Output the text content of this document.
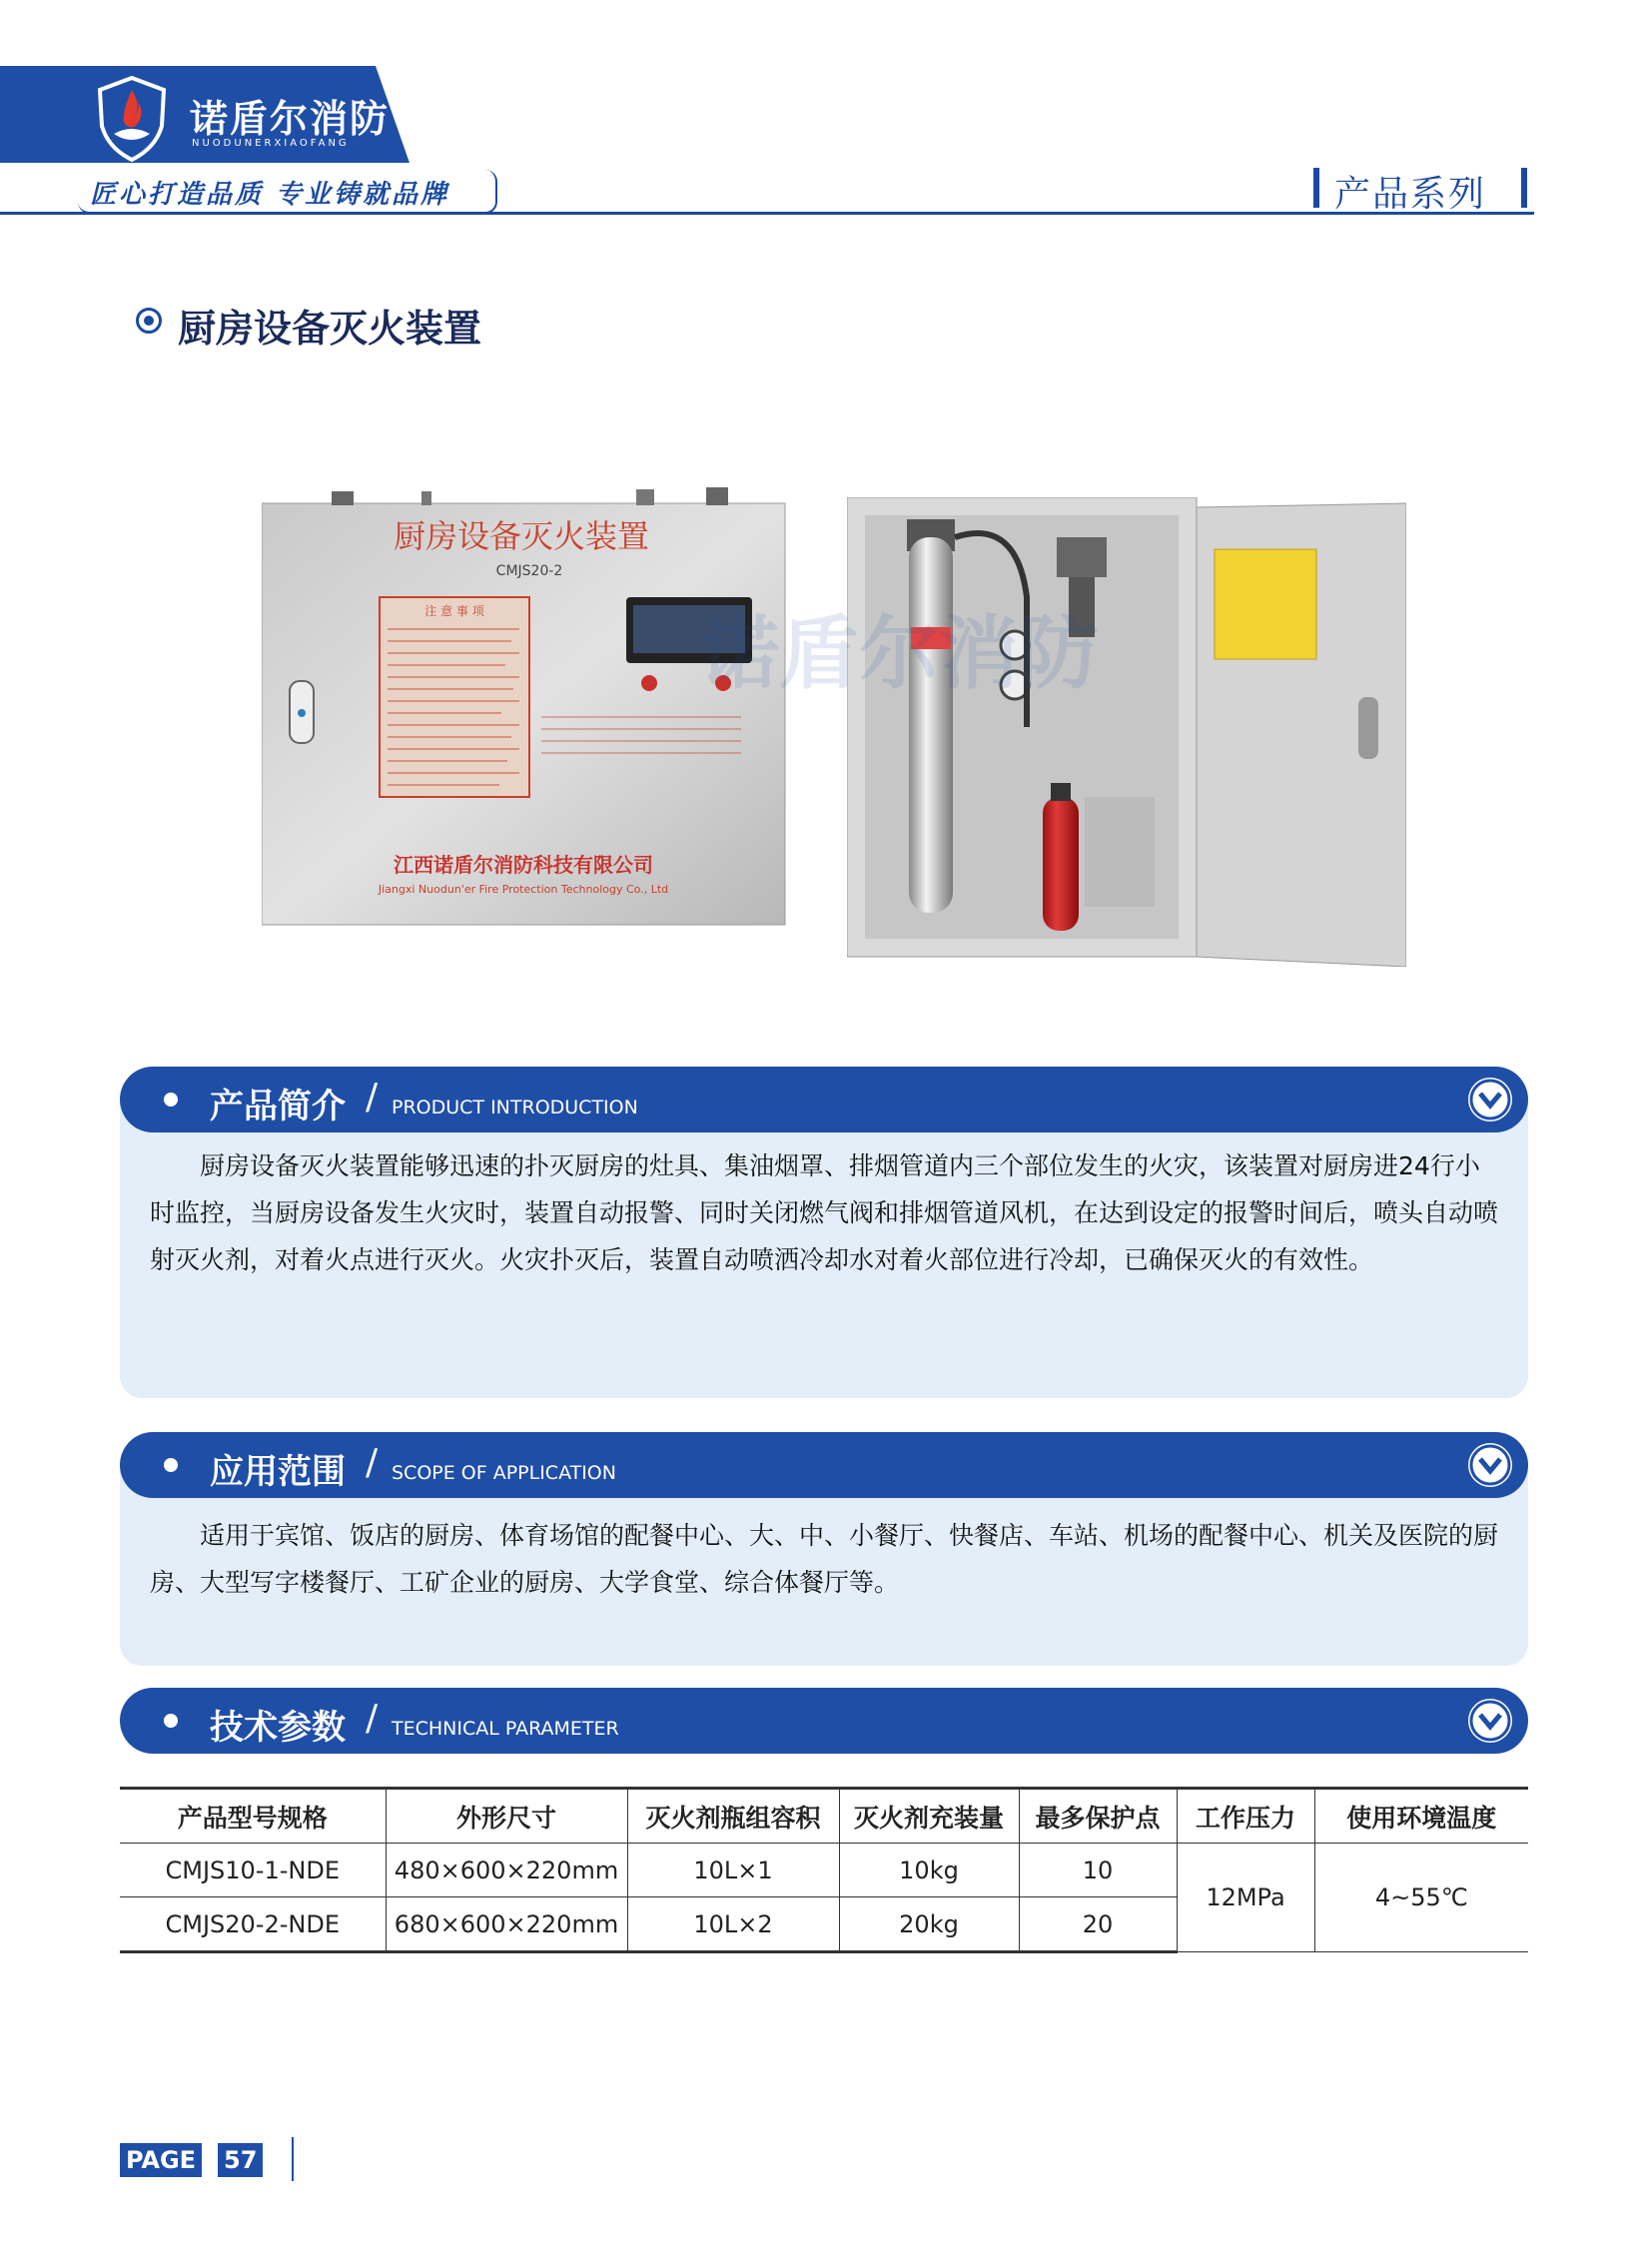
诺盾尔消防
NUODUNERXIAOFANG
匠心打造品质 专业铸就品牌	产品系列
厨房设备灭火装置
厨房设备灭火装置
CMJS20-2
注 意 事 项
江西诺盾尔消防科技有限公司
Jiangxi Nuodun'er Fire Protection Technology Co., Ltd
诺盾尔消防
厨房设备灭火装置能够迅速的扑灭厨房的灶具、集油烟罩、排烟管道内三个部位发生的火灾，该装置对厨房进24行小时监控，当厨房设备发生火灾时，装置自动报警、同时关闭燃气阀和排烟管道风机，在达到设定的报警时间后，喷头自动喷射灭火剂，对着火点进行灭火。火灾扑灭后，装置自动喷洒冷却水对着火部位进行冷却，已确保灭火的有效性。
产品简介 / PRODUCT INTRODUCTION
适用于宾馆、饭店的厨房、体育场馆的配餐中心、大、中、小餐厅、快餐店、车站、机场的配餐中心、机关及医院的厨房、大型写字楼餐厅、工矿企业的厨房、大学食堂、综合体餐厅等。
应用范围 / SCOPE OF APPLICATION
技术参数 / TECHNICAL PARAMETER
产品型号规格	外形尺寸	灭火剂瓶组容积	灭火剂充装量	最多保护点	工作压力	使用环境温度
CMJS10-1-NDE	480×600×220mm	10L×1	10kg	10	12MPa	4~55℃
CMJS20-2-NDE	680×600×220mm	10L×2	20kg	20		
PAGE 57
